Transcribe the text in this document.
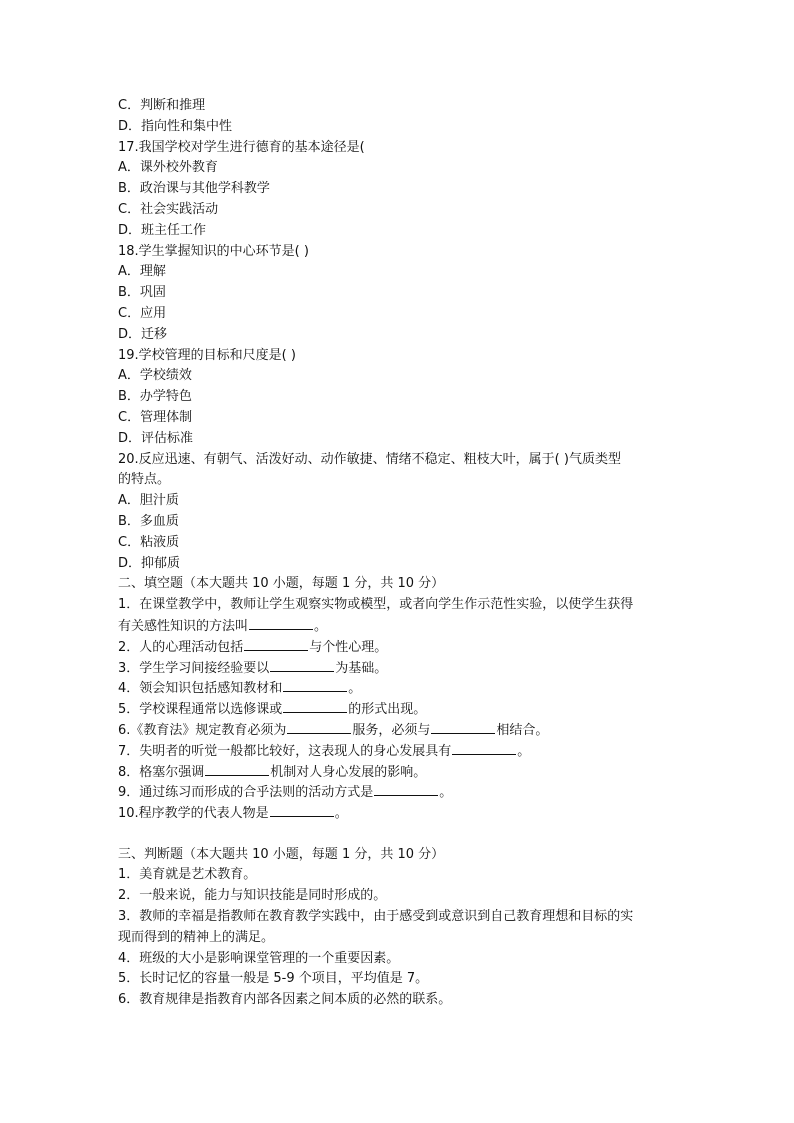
C．判断和推理
D．指向性和集中性
17.我国学校对学生进行德育的基本途径是(
A．课外校外教育
B．政治课与其他学科教学
C．社会实践活动
D．班主任工作
18.学生掌握知识的中心环节是( )
A．理解
B．巩固
C．应用
D．迁移
19.学校管理的目标和尺度是( )
A．学校绩效
B．办学特色
C．管理体制
D．评估标准
20.反应迅速、有朝气、活泼好动、动作敏捷、情绪不稳定、粗枝大叶，属于( )气质类型
的特点。
A．胆汁质
B．多血质
C．粘液质
D．抑郁质
二、填空题（本大题共 10 小题，每题 1 分，共 10 分）
1．在课堂教学中，教师让学生观察实物或模型，或者向学生作示范性实验，以使学生获得
有关感性知识的方法叫	。
2．人的心理活动包括	与个性心理。
3．学生学习间接经验要以	为基础。
4．领会知识包括感知教材和	。
5．学校课程通常以选修课或	的形式出现。
6.《教育法》规定教育必须为	服务，必须与	相结合。
7．失明者的听觉一般都比较好，这表现人的身心发展具有	。
8．格塞尔强调	机制对人身心发展的影响。
9．通过练习而形成的合乎法则的活动方式是	。
10.程序教学的代表人物是	。
三、判断题（本大题共 10 小题，每题 1 分，共 10 分）
1．美育就是艺术教育。
2．一般来说，能力与知识技能是同时形成的。
3．教师的幸福是指教师在教育教学实践中，由于感受到或意识到自己教育理想和目标的实
现而得到的精神上的满足。
4．班级的大小是影响课堂管理的一个重要因素。
5．长时记忆的容量一般是 5-9 个项目，平均值是 7。
6．教育规律是指教育内部各因素之间本质的必然的联系。
